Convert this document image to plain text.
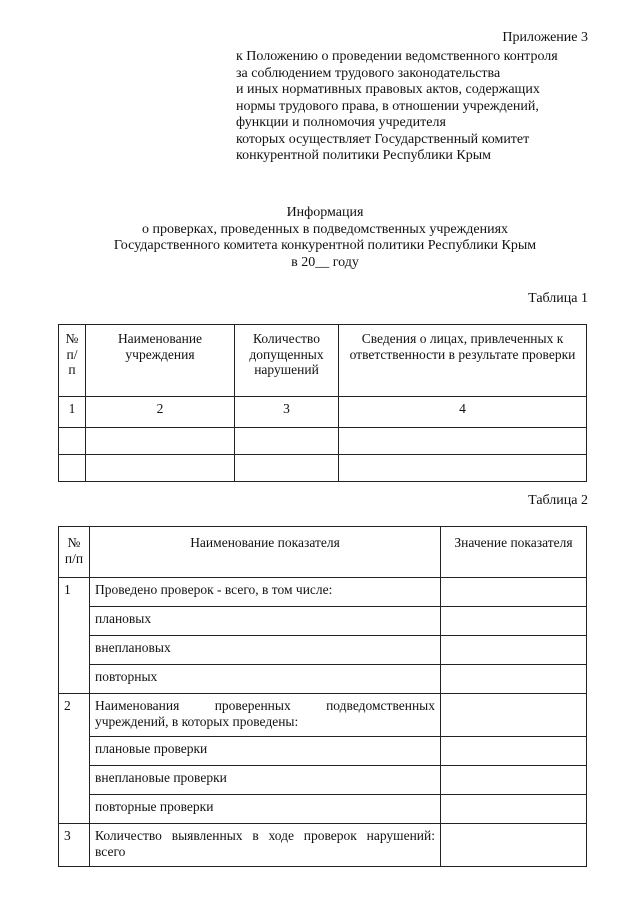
Приложение 3
к Положению о проведении ведомственного контроля
за соблюдением трудового законодательства
и иных нормативных правовых актов, содержащих
нормы трудового права, в отношении учреждений,
функции и полномочия учредителя
которых осуществляет Государственный комитет
конкурентной политики Республики Крым
Информация
о проверках, проведенных в подведомственных учреждениях
Государственного комитета конкурентной политики Республики Крым
в 20__ году
Таблица 1
№ п/п	Наименование учреждения	Количество допущенных нарушений	Сведения о лицах, привлеченных к ответственности в результате проверки
1	2	3	4

Таблица 2
№ п/п	Наименование показателя	Значение показателя
1	Проведено проверок - всего, в том числе:	
	плановых	
	внеплановых	
	повторных	
2	Наименования проверенных подведомственных учреждений, в которых проведены:	
	плановые проверки	
	внеплановые проверки	
	повторные проверки	
3	Количество выявленных в ходе проверок нарушений: всего	
